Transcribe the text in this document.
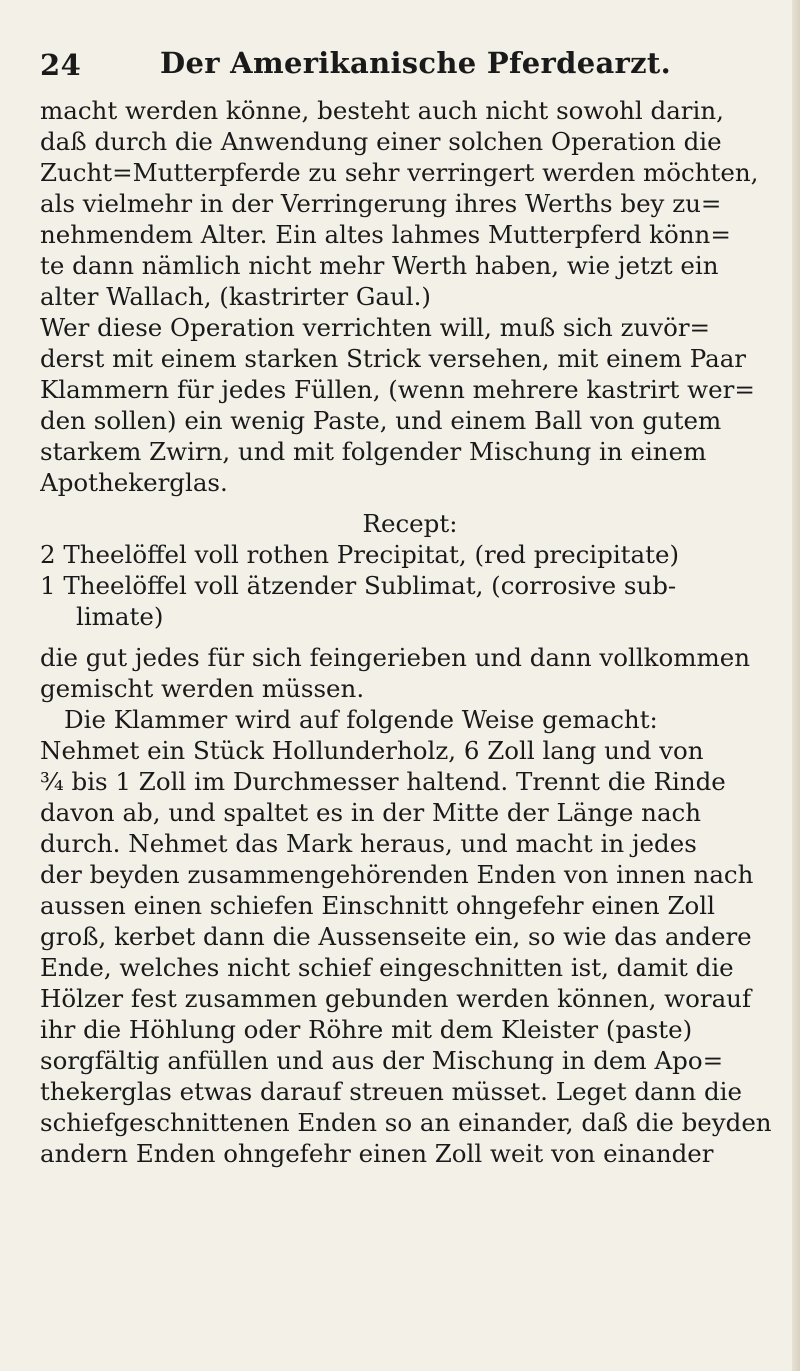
24	Der Amerikanische Pferdearzt.
macht werden könne, besteht auch nicht sowohl darin,
daß durch die Anwendung einer solchen Operation die
Zucht=Mutterpferde zu sehr verringert werden möchten,
als vielmehr in der Verringerung ihres Werths bey zu=
nehmendem Alter. Ein altes lahmes Mutterpferd könn=
te dann nämlich nicht mehr Werth haben, wie jetzt ein
alter Wallach, (kastrirter Gaul.)
Wer diese Operation verrichten will, muß sich zuvör=
derst mit einem starken Strick versehen, mit einem Paar
Klammern für jedes Füllen, (wenn mehrere kastrirt wer=
den sollen) ein wenig Paste, und einem Ball von gutem
starkem Zwirn, und mit folgender Mischung in einem
Apothekerglas.
Recept:
2 Theelöffel voll rothen Precipitat, (red precipitate)
1 Theelöffel voll ätzender Sublimat, (corrosive sub-
limate)
die gut jedes für sich feingerieben und dann vollkommen
gemischt werden müssen.
Die Klammer wird auf folgende Weise gemacht:
Nehmet ein Stück Hollunderholz, 6 Zoll lang und von
¾ bis 1 Zoll im Durchmesser haltend. Trennt die Rinde
davon ab, und spaltet es in der Mitte der Länge nach
durch. Nehmet das Mark heraus, und macht in jedes
der beyden zusammengehörenden Enden von innen nach
aussen einen schiefen Einschnitt ohngefehr einen Zoll
groß, kerbet dann die Aussenseite ein, so wie das andere
Ende, welches nicht schief eingeschnitten ist, damit die
Hölzer fest zusammen gebunden werden können, worauf
ihr die Höhlung oder Röhre mit dem Kleister (paste)
sorgfältig anfüllen und aus der Mischung in dem Apo=
thekerglas etwas darauf streuen müsset. Leget dann die
schiefgeschnittenen Enden so an einander, daß die beyden
andern Enden ohngefehr einen Zoll weit von einander
